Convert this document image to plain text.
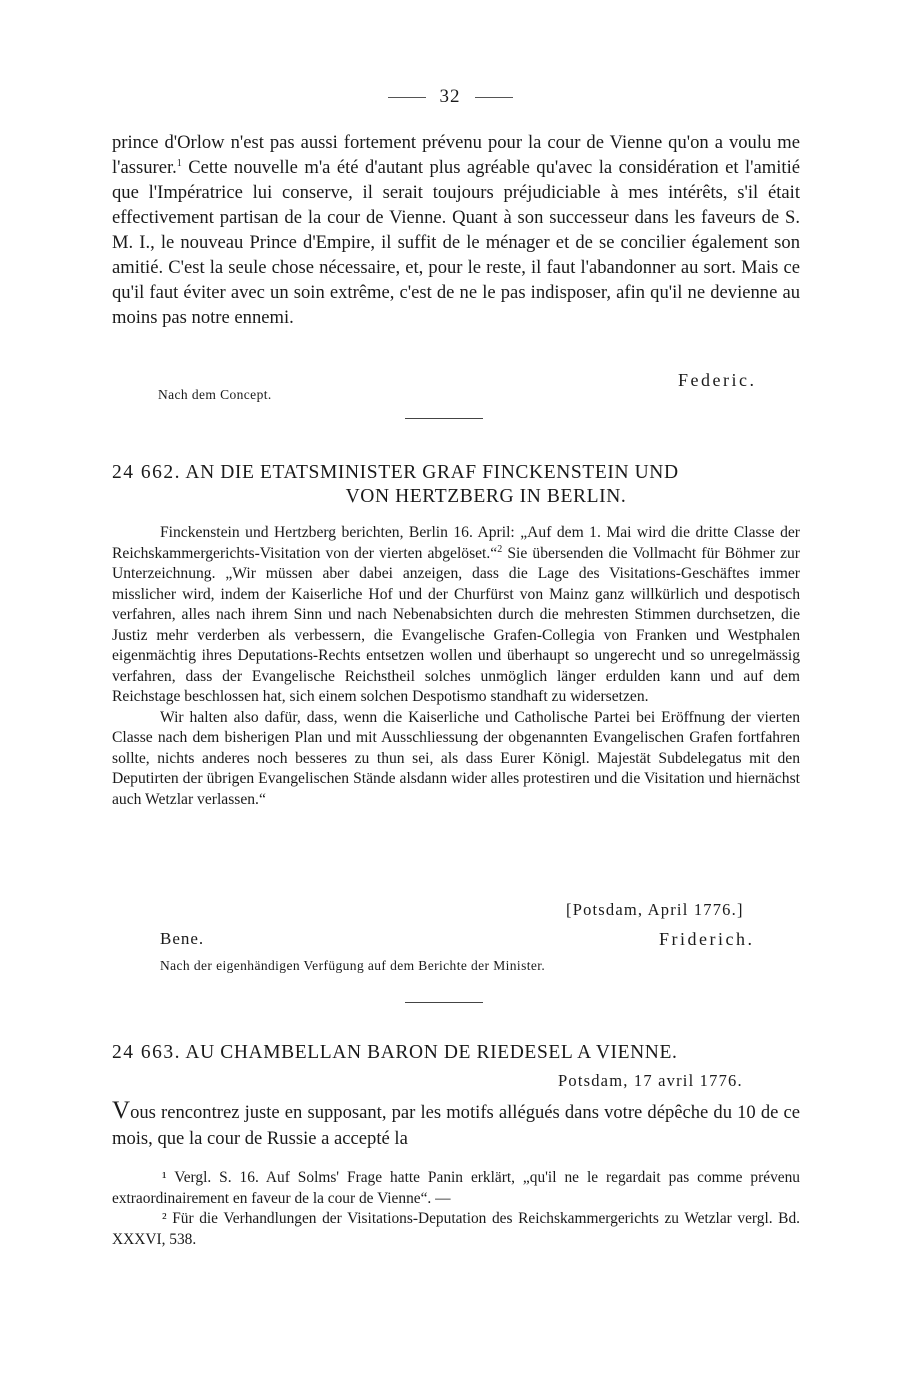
32
prince d'Orlow n'est pas aussi fortement prévenu pour la cour de Vienne qu'on a voulu me l'assurer.$^1$ Cette nouvelle m'a été d'autant plus agréable qu'avec la considération et l'amitié que l'Impératrice lui conserve, il serait toujours préjudiciable à mes intérêts, s'il était effectivement partisan de la cour de Vienne. Quant à son successeur dans les faveurs de S. M. I., le nouveau Prince d'Empire, il suffit de le ménager et de se concilier également son amitié. C'est la seule chose nécessaire, et, pour le reste, il faut l'abandonner au sort. Mais ce qu'il faut éviter avec un soin extrême, c'est de ne le pas indisposer, afin qu'il ne devienne au moins pas notre ennemi.
Federic.
Nach dem Concept.
24 662. AN DIE ETATSMINISTER GRAF FINCKENSTEIN UND
VON HERTZBERG IN BERLIN.

Finckenstein und Hertzberg berichten, Berlin 16. April: „Auf dem 1. Mai wird die dritte Classe der Reichskammergerichts-Visitation von der vierten abgelöset.“$^2$ Sie übersenden die Vollmacht für Böhmer zur Unterzeichnung. „Wir müssen aber dabei anzeigen, dass die Lage des Visitations-Geschäftes immer misslicher wird, indem der Kaiserliche Hof und der Churfürst von Mainz ganz willkürlich und despotisch verfahren, alles nach ihrem Sinn und nach Nebenabsichten durch die mehresten Stimmen durchsetzen, die Justiz mehr verderben als verbessern, die Evangelische Grafen-Collegia von Franken und Westphalen eigenmächtig ihres Deputations-Rechts entsetzen wollen und überhaupt so ungerecht und so unregelmässig verfahren, dass der Evangelische Reichstheil solches unmöglich länger erdulden kann und auf dem Reichstage beschlossen hat, sich einem solchen Despotismo standhaft zu widersetzen.

Wir halten also dafür, dass, wenn die Kaiserliche und Catholische Partei bei Eröffnung der vierten Classe nach dem bisherigen Plan und mit Ausschliessung der obgenannten Evangelischen Grafen fortfahren sollte, nichts anderes noch besseres zu thun sei, als dass Eurer Königl. Majestät Subdelegatus mit den Deputirten der übrigen Evangelischen Stände alsdann wider alles protestiren und die Visitation und hiernächst auch Wetzlar verlassen.“

[Potsdam, April 1776.]
Bene.	Friderich.
Nach der eigenhändigen Verfügung auf dem Berichte der Minister.
24 663. AU CHAMBELLAN BARON DE RIEDESEL A VIENNE.
Potsdam, 17 avril 1776.
Vous rencontrez juste en supposant, par les motifs allégués dans votre dépêche du 10 de ce mois, que la cour de Russie a accepté la

¹ Vergl. S. 16. Auf Solms' Frage hatte Panin erklärt, „qu'il ne le regardait pas comme prévenu extraordinairement en faveur de la cour de Vienne“. —

² Für die Verhandlungen der Visitations-Deputation des Reichskammergerichts zu Wetzlar vergl. Bd. XXXVI, 538.
